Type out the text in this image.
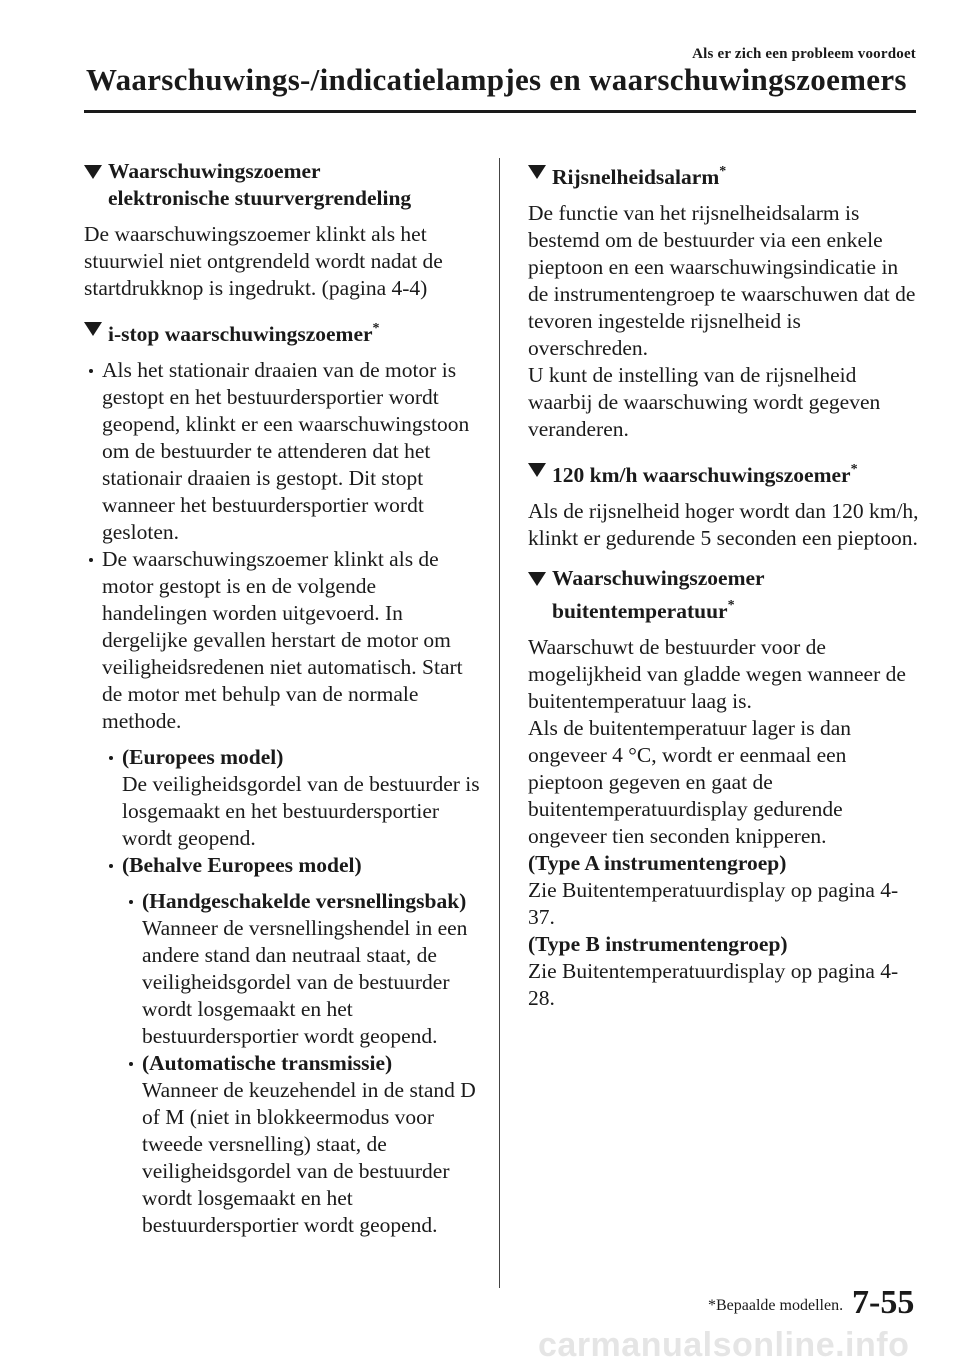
Als er zich een probleem voordoet
Waarschuwings-/indicatielampjes en waarschuwingszoemers
Waarschuwingszoemer
elektronische stuurvergrendeling

De waarschuwingszoemer klinkt als het stuurwiel niet ontgrendeld wordt nadat de startdrukknop is ingedrukt. (pagina 4-4)

i-stop waarschuwingszoemer*
Als het stationair draaien van de motor is gestopt en het bestuurdersportier wordt geopend, klinkt er een waarschuwingstoon om de bestuurder te attenderen dat het stationair draaien is gestopt. Dit stopt wanneer het bestuurdersportier wordt gesloten.
De waarschuwingszoemer klinkt als de motor gestopt is en de volgende handelingen worden uitgevoerd. In dergelijke gevallen herstart de motor om veiligheidsredenen niet automatisch. Start de motor met behulp van de normale methode.
(Europees model)
De veiligheidsgordel van de bestuurder is losgemaakt en het bestuurdersportier wordt geopend.
(Behalve Europees model)
(Handgeschakelde versnellingsbak)
Wanneer de versnellingshendel in een andere stand dan neutraal staat, de veiligheidsgordel van de bestuurder wordt losgemaakt en het bestuurdersportier wordt geopend.
(Automatische transmissie)
Wanneer de keuzehendel in de stand D of M (niet in blokkeermodus voor tweede versnelling) staat, de veiligheidsgordel van de bestuurder wordt losgemaakt en het bestuurdersportier wordt geopend.
Rijsnelheidsalarm*

De functie van het rijsnelheidsalarm is bestemd om de bestuurder via een enkele pieptoon en een waarschuwingsindicatie in de instrumentengroep te waarschuwen dat de tevoren ingestelde rijsnelheid is overschreden.

U kunt de instelling van de rijsnelheid waarbij de waarschuwing wordt gegeven veranderen.

120 km/h waarschuwingszoemer*

Als de rijsnelheid hoger wordt dan 120 km/h, klinkt er gedurende 5 seconden een pieptoon.

Waarschuwingszoemer
buitentemperatuur*

Waarschuwt de bestuurder voor de mogelijkheid van gladde wegen wanneer de buitentemperatuur laag is.

Als de buitentemperatuur lager is dan ongeveer 4 °C, wordt er eenmaal een pieptoon gegeven en gaat de buitentemperatuurdisplay gedurende ongeveer tien seconden knipperen.

(Type A instrumentengroep)

Zie Buitentemperatuurdisplay op pagina 4-37.

(Type B instrumentengroep)

Zie Buitentemperatuurdisplay op pagina 4-28.

*Bepaalde modellen. 7-55
carmanualsonline.info
